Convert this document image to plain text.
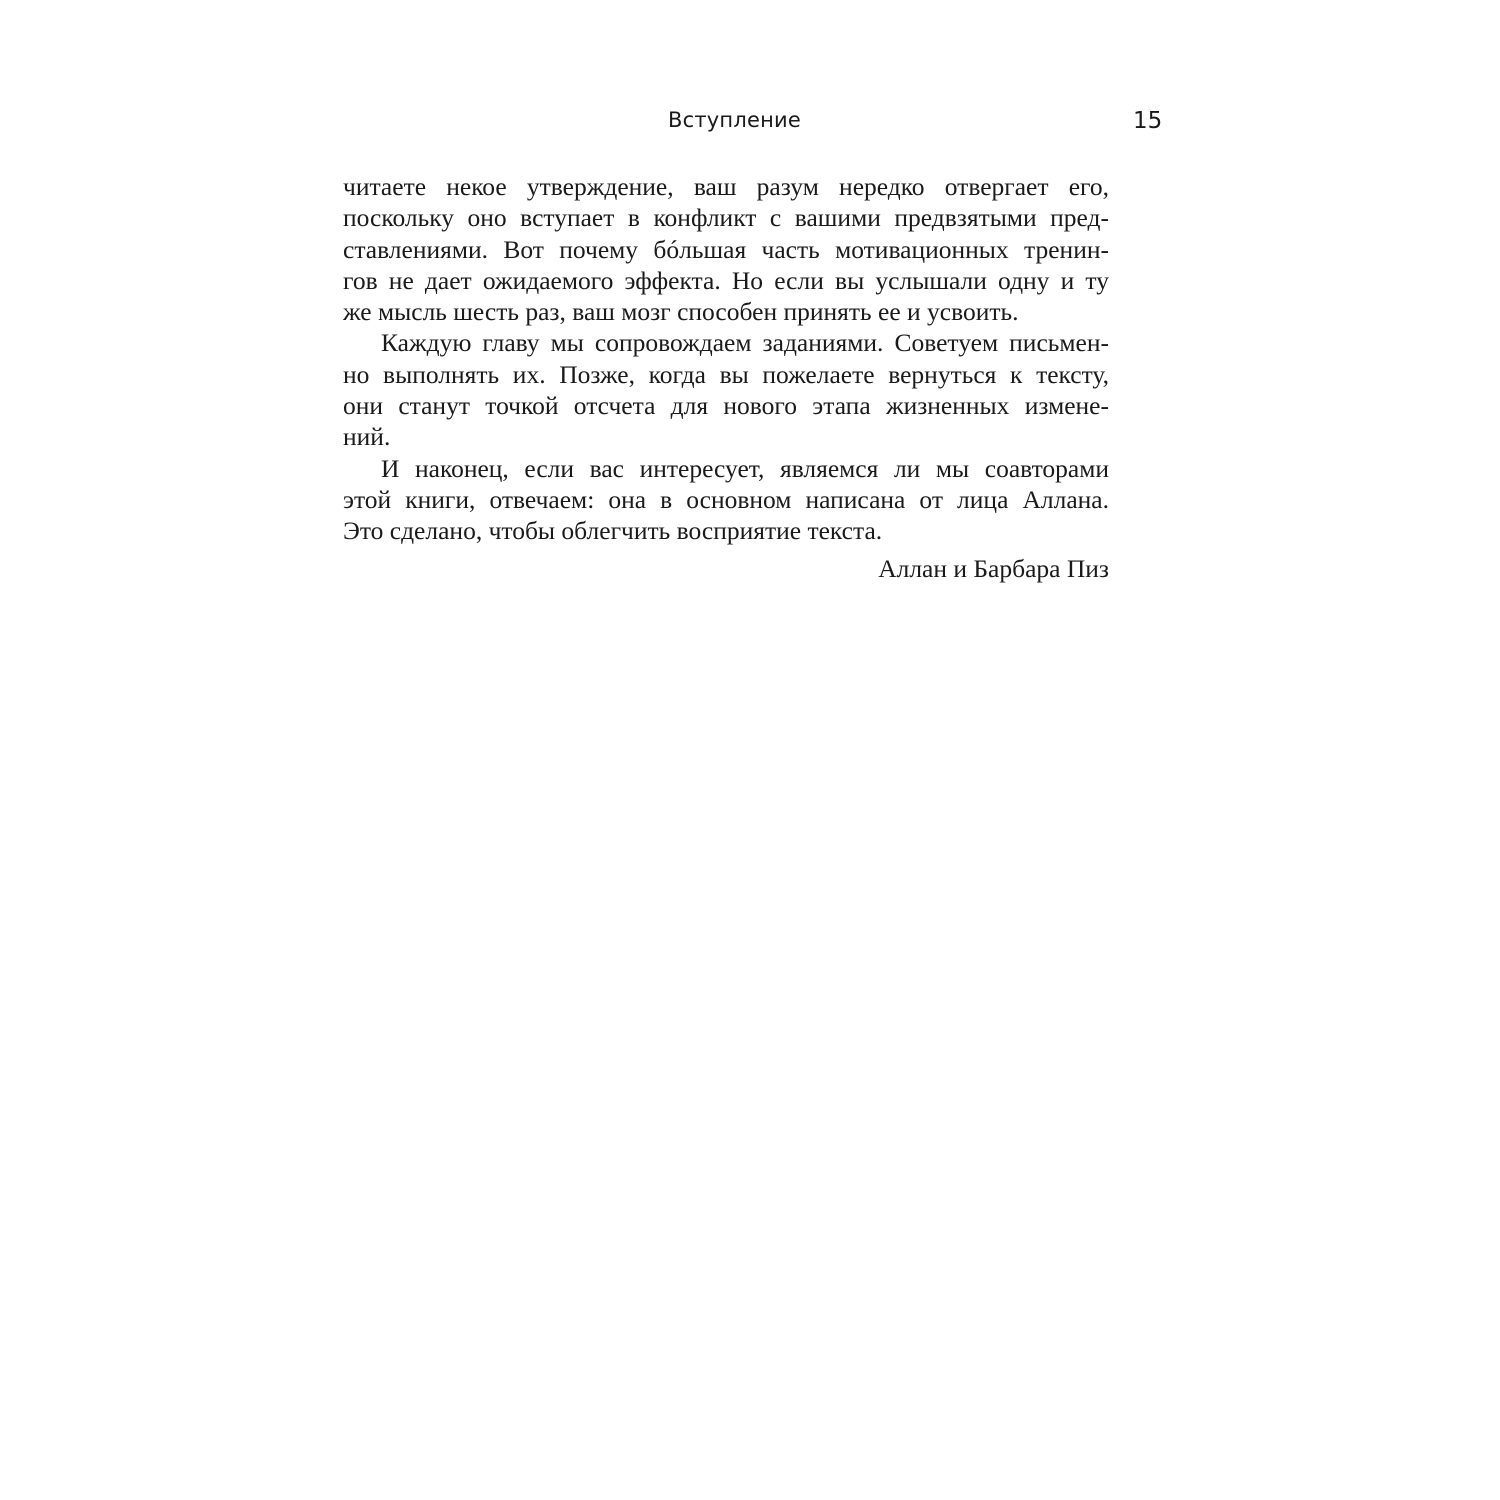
Вступление	15
читаете некое утверждение, ваш разум нередко отвергает его,
поскольку оно вступает в конфликт с вашими предвзятыми пред-
ставлениями. Вот почему бóльшая часть мотивационных тренин-
гов не дает ожидаемого эффекта. Но если вы услышали одну и ту
же мысль шесть раз, ваш мозг способен принять ее и усвоить.
Каждую главу мы сопровождаем заданиями. Советуем письмен-
но выполнять их. Позже, когда вы пожелаете вернуться к тексту,
они станут точкой отсчета для нового этапа жизненных измене-
ний.
И наконец, если вас интересует, являемся ли мы соавторами
этой книги, отвечаем: она в основном написана от лица Аллана.
Это сделано, чтобы облегчить восприятие текста.
Аллан и Барбара Пиз
